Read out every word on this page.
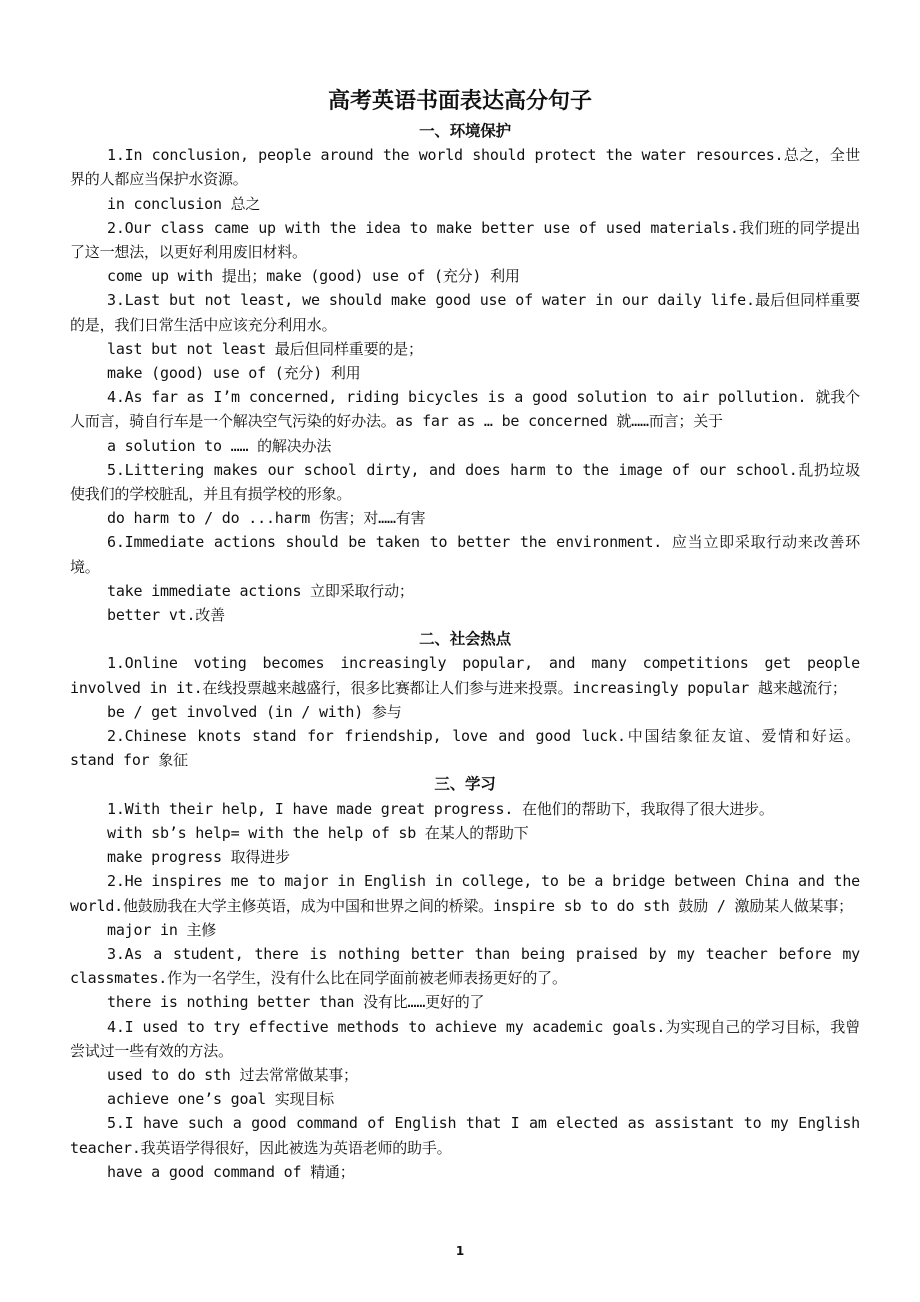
高考英语书面表达高分句子
一、环境保护

1.In conclusion, people around the world should protect the water resources.总之，全世界的人都应当保护水资源。

in conclusion 总之

2.Our class came up with the idea to make better use of used materials.我们班的同学提出了这一想法，以更好利用废旧材料。

come up with 提出；make (good) use of (充分) 利用

3.Last but not least, we should make good use of water in our daily life.最后但同样重要的是，我们日常生活中应该充分利用水。

last but not least 最后但同样重要的是；

make (good) use of (充分) 利用

4.As far as I’m concerned, riding bicycles is a good solution to air pollution. 就我个人而言，骑自行车是一个解决空气污染的好办法。as far as … be concerned 就……而言；关于

a solution to …… 的解决办法

5.Littering makes our school dirty, and does harm to the image of our school.乱扔垃圾使我们的学校脏乱，并且有损学校的形象。

do harm to / do ...harm 伤害；对……有害

6.Immediate actions should be taken to better the environment. 应当立即采取行动来改善环境。

take immediate actions 立即采取行动；

better vt.改善

二、社会热点

1.Online voting becomes increasingly popular, and many competitions get people involved in it.在线投票越来越盛行，很多比赛都让人们参与进来投票。increasingly popular 越来越流行；

be / get involved (in / with) 参与

2.Chinese knots stand for friendship, love and good luck.中国结象征友谊、爱情和好运。stand for 象征

三、学习

1.With their help, I have made great progress. 在他们的帮助下，我取得了很大进步。

with sb’s help= with the help of sb 在某人的帮助下

make progress 取得进步

2.He inspires me to major in English in college, to be a bridge between China and the world.他鼓励我在大学主修英语，成为中国和世界之间的桥梁。inspire sb to do sth 鼓励 / 激励某人做某事；

major in 主修

3.As a student, there is nothing better than being praised by my teacher before my classmates.作为一名学生，没有什么比在同学面前被老师表扬更好的了。

there is nothing better than 没有比……更好的了

4.I used to try effective methods to achieve my academic goals.为实现自己的学习目标，我曾尝试过一些有效的方法。

used to do sth 过去常常做某事；

achieve one’s goal 实现目标

5.I have such a good command of English that I am elected as assistant to my English teacher.我英语学得很好，因此被选为英语老师的助手。

have a good command of 精通；

1
